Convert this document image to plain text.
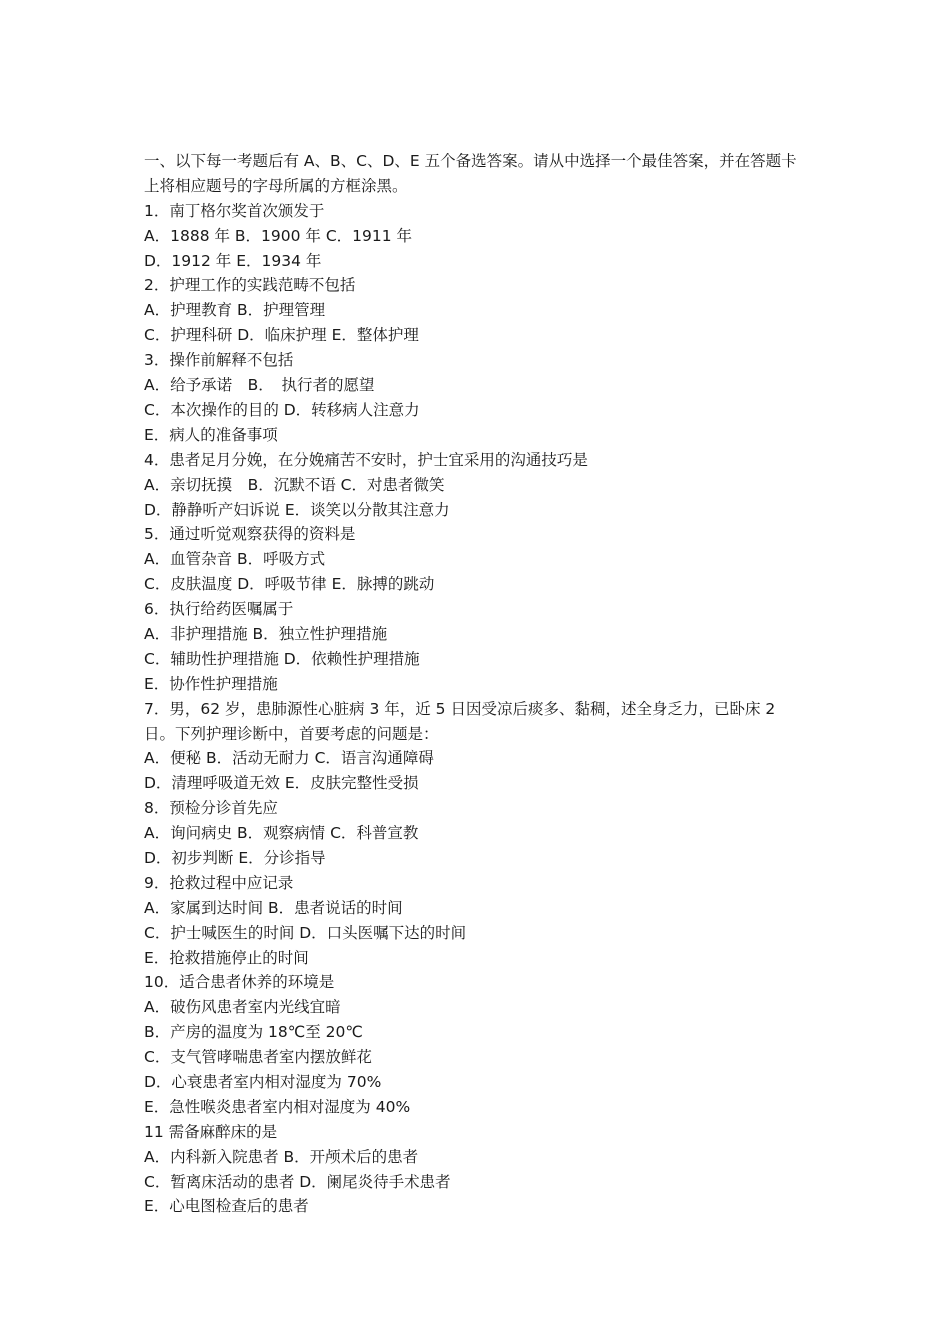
一、以下每一考题后有 A、B、C、D、E 五个备选答案。请从中选择一个最佳答案，并在答题卡上将相应题号的字母所属的方框涂黑。

1．南丁格尔奖首次颁发于

A．1888 年 B．1900 年 C．1911 年

D．1912 年 E．1934 年

2．护理工作的实践范畴不包括

A．护理教育 B．护理管理

C．护理科研 D．临床护理 E．整体护理

3．操作前解释不包括

A．给予承诺　B．　执行者的愿望

C．本次操作的目的 D．转移病人注意力

E．病人的准备事项

4．患者足月分娩，在分娩痛苦不安时，护士宜采用的沟通技巧是

A．亲切抚摸　B．沉默不语 C．对患者微笑

D．静静听产妇诉说 E．谈笑以分散其注意力

5．通过听觉观察获得的资料是

A．血管杂音 B．呼吸方式

C．皮肤温度 D．呼吸节律 E．脉搏的跳动

6．执行给药医嘱属于

A．非护理措施 B．独立性护理措施

C．辅助性护理措施 D．依赖性护理措施

E．协作性护理措施

7．男，62 岁，患肺源性心脏病 3 年，近 5 日因受凉后痰多、黏稠，述全身乏力，已卧床 2 日。下列护理诊断中，首要考虑的问题是：

A．便秘 B．活动无耐力 C．语言沟通障碍

D．清理呼吸道无效 E．皮肤完整性受损

8．预检分诊首先应

A．询问病史 B．观察病情 C．科普宣教

D．初步判断 E．分诊指导

9．抢救过程中应记录

A．家属到达时间 B．患者说话的时间

C．护士喊医生的时间 D．口头医嘱下达的时间

E．抢救措施停止的时间

10．适合患者休养的环境是

A．破伤风患者室内光线宜暗

B．产房的温度为 18℃至 20℃

C．支气管哮喘患者室内摆放鲜花

D．心衰患者室内相对湿度为 70%

E．急性喉炎患者室内相对湿度为 40%

11 需备麻醉床的是

A．内科新入院患者 B．开颅术后的患者

C．暂离床活动的患者 D．阑尾炎待手术患者

E．心电图检查后的患者
